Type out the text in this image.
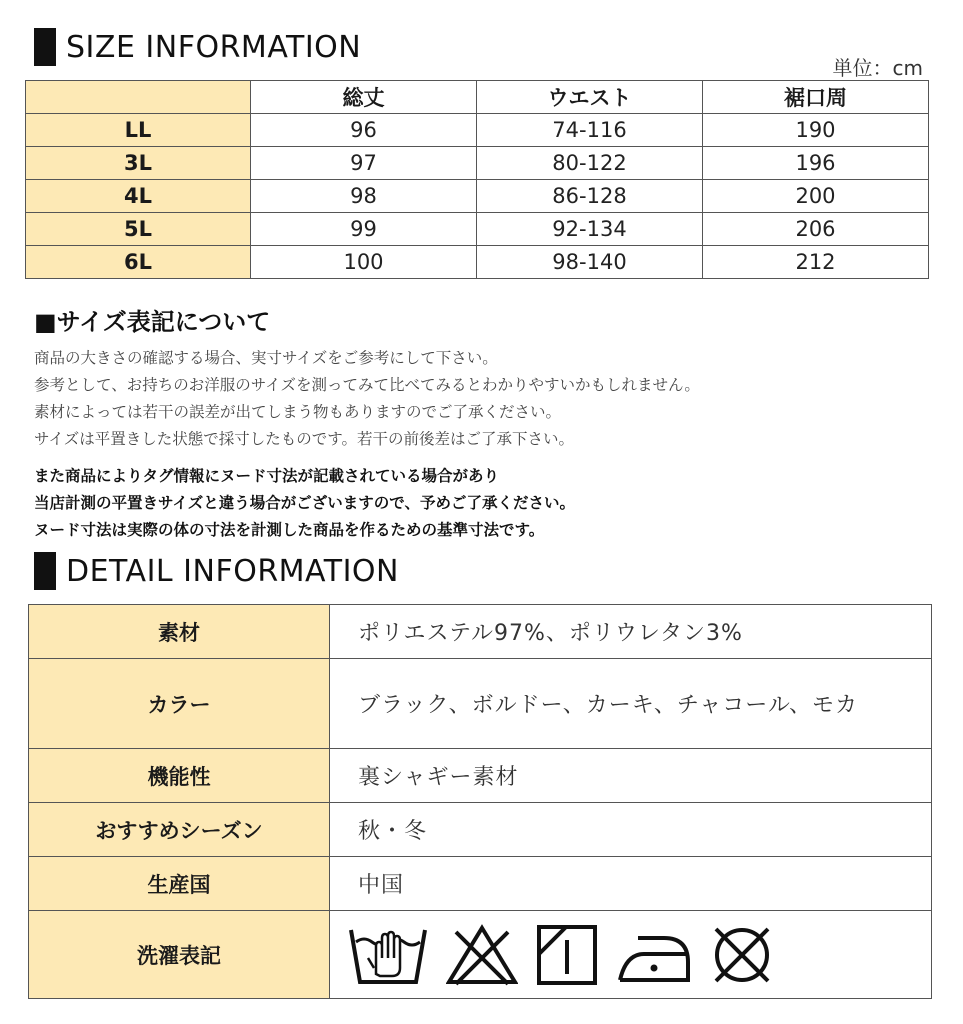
SIZE INFORMATION
単位：cm
	総丈	ウエスト	裾口周
LL	96	74-116	190
3L	97	80-122	196
4L	98	86-128	200
5L	99	92-134	206
6L	100	98-140	212
■サイズ表記について
商品の大きさの確認する場合、実寸サイズをご参考にして下さい。
参考として、お持ちのお洋服のサイズを測ってみて比べてみるとわかりやすいかもしれません。
素材によっては若干の誤差が出てしまう物もありますのでご了承ください。
サイズは平置きした状態で採寸したものです。若干の前後差はご了承下さい。
また商品によりタグ情報にヌード寸法が記載されている場合があり
当店計測の平置きサイズと違う場合がございますので、予めご了承ください。
ヌード寸法は実際の体の寸法を計測した商品を作るための基準寸法です。
DETAIL INFORMATION
素材	ポリエステル97%、ポリウレタン3%
カラー	ブラック、ボルドー、カーキ、チャコール、モカ
機能性	裏シャギー素材
おすすめシーズン	秋・冬
生産国	中国
洗濯表記	
